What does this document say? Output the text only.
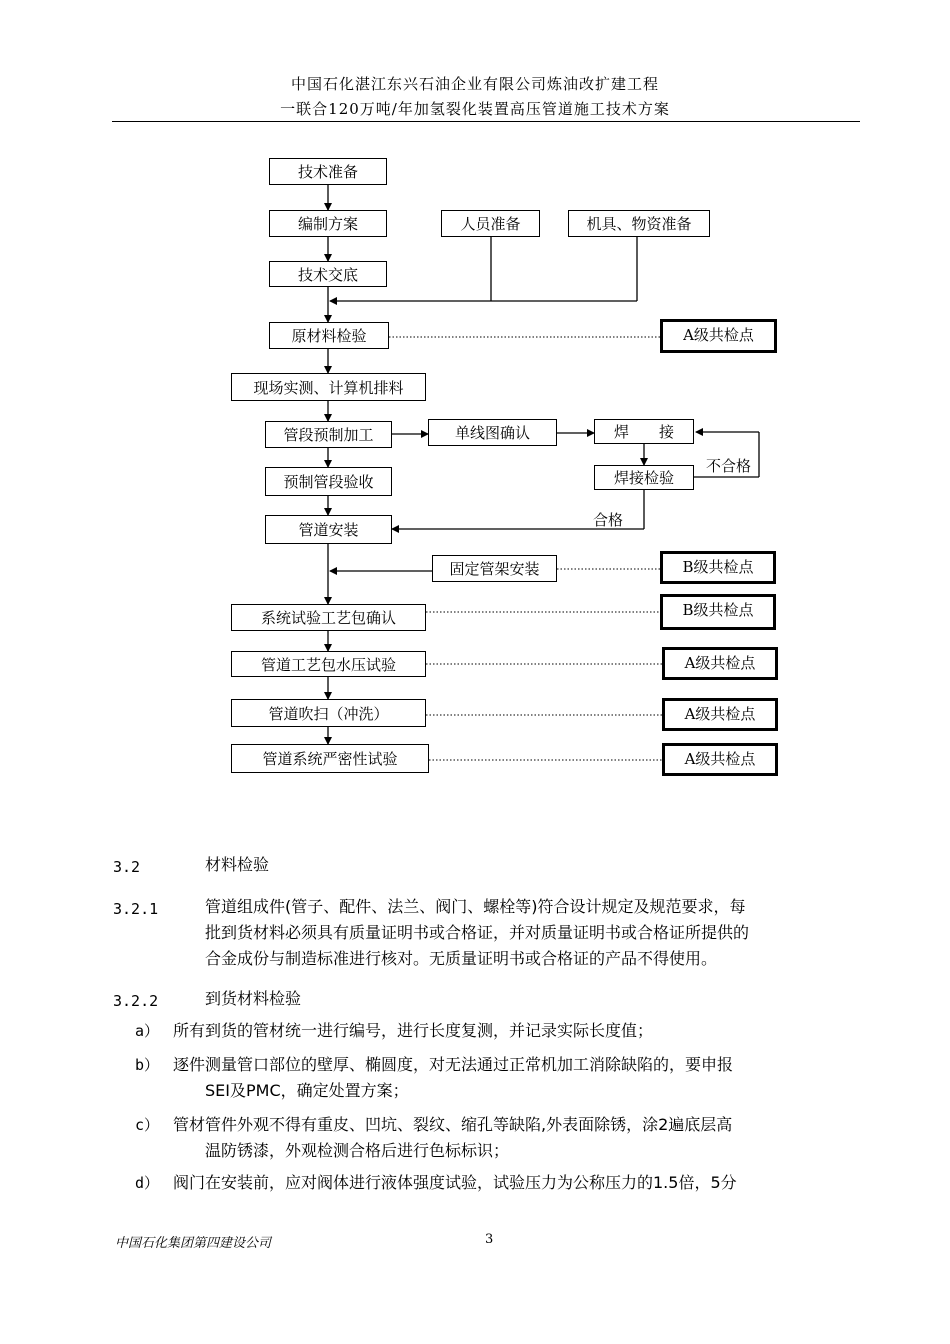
中国石化湛江东兴石油企业有限公司炼油改扩建工程
一联合120万吨/年加氢裂化装置高压管道施工技术方案
技术准备
编制方案	人员准备	机具、物资准备
技术交底
原材料检验
现场实测、计算机排料
管段预制加工	单线图确认	焊　　接
焊接检验
预制管段验收
管道安装
固定管架安装
系统试验工艺包确认
管道工艺包水压试验
管道吹扫（冲洗）
管道系统严密性试验
不合格
合格
A级共检点
B级共检点
B级共检点
A级共检点
A级共检点
A级共检点
3.2	材料检验
3.2.1	管道组成件(管子、配件、法兰、阀门、螺栓等)符合设计规定及规范要求，每
批到货材料必须具有质量证明书或合格证，并对质量证明书或合格证所提供的
合金成份与制造标准进行核对。无质量证明书或合格证的产品不得使用。
3.2.2	到货材料检验
a） 所有到货的管材统一进行编号，进行长度复测，并记录实际长度值；
b） 逐件测量管口部位的壁厚、椭圆度，对无法通过正常机加工消除缺陷的，要申报
SEI及PMC，确定处置方案；
c） 管材管件外观不得有重皮、凹坑、裂纹、缩孔等缺陷,外表面除锈，涂2遍底层高
温防锈漆，外观检测合格后进行色标标识；
d） 阀门在安装前，应对阀体进行液体强度试验，试验压力为公称压力的1.5倍，5分
中国石化集团第四建设公司	3
